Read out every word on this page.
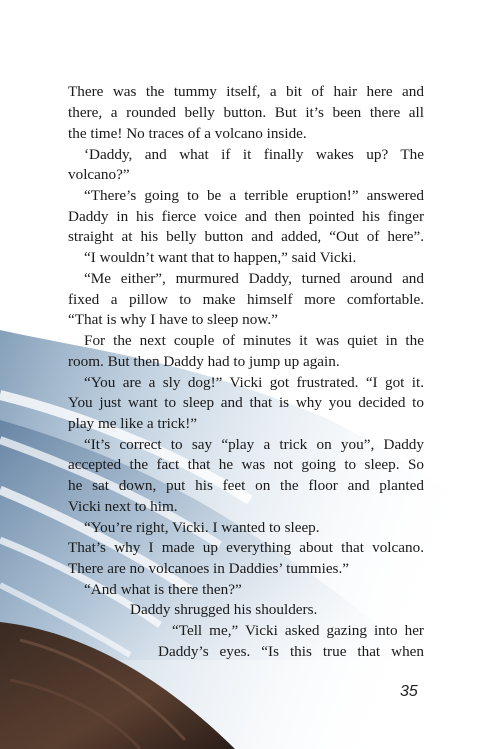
There was the tummy itself, a bit of hair here and
there, a rounded belly button. But it’s been there all
the time! No traces of a volcano inside.
‘Daddy, and what if it finally wakes up? The
volcano?”
“There’s going to be a terrible eruption!” answered
Daddy in his fierce voice and then pointed his finger
straight at his belly button and added, “Out of here”.
“I wouldn’t want that to happen,” said Vicki.
“Me either”, murmured Daddy, turned around and
fixed a pillow to make himself more comfortable.
“That is why I have to sleep now.”
For the next couple of minutes it was quiet in the
room. But then Daddy had to jump up again.
“You are a sly dog!” Vicki got frustrated. “I got it.
You just want to sleep and that is why you decided to
play me like a trick!”
“It’s correct to say “play a trick on you”, Daddy
accepted the fact that he was not going to sleep. So
he sat down, put his feet on the floor and planted
Vicki next to him.
“You’re right, Vicki. I wanted to sleep.
That’s why I made up everything about that volcano.
There are no volcanoes in Daddies’ tummies.”
“And what is there then?”
Daddy shrugged his shoulders.
“Tell me,” Vicki asked gazing into her
Daddy’s eyes. “Is this true that when
35
